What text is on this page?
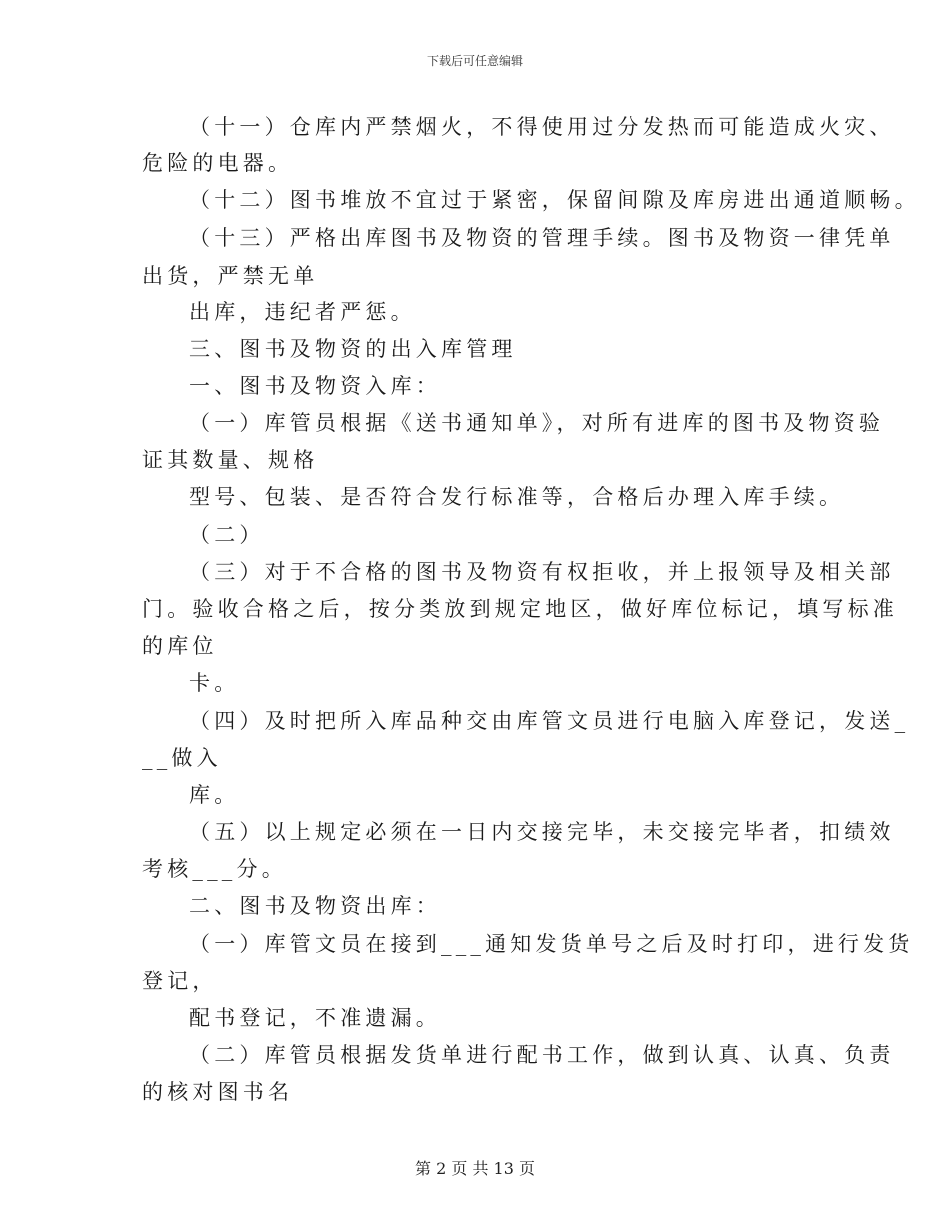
下载后可任意编辑
（十一）仓库内严禁烟火，不得使用过分发热而可能造成火灾、
危险的电器。
（十二）图书堆放不宜过于紧密，保留间隙及库房进出通道顺畅。
（十三）严格出库图书及物资的管理手续。图书及物资一律凭单
出货，严禁无单
出库，违纪者严惩。
三、图书及物资的出入库管理
一、图书及物资入库：
（一）库管员根据《送书通知单》，对所有进库的图书及物资验
证其数量、规格
型号、包装、是否符合发行标准等，合格后办理入库手续。
（二）
（三）对于不合格的图书及物资有权拒收，并上报领导及相关部
门。验收合格之后，按分类放到规定地区，做好库位标记，填写标准
的库位
卡。
（四）及时把所入库品种交由库管文员进行电脑入库登记，发送_
__做入
库。
（五）以上规定必须在一日内交接完毕，未交接完毕者，扣绩效
考核___分。
二、图书及物资出库：
（一）库管文员在接到___通知发货单号之后及时打印，进行发货
登记，
配书登记，不准遗漏。
（二）库管员根据发货单进行配书工作，做到认真、认真、负责
的核对图书名
第 2 页 共 13 页
